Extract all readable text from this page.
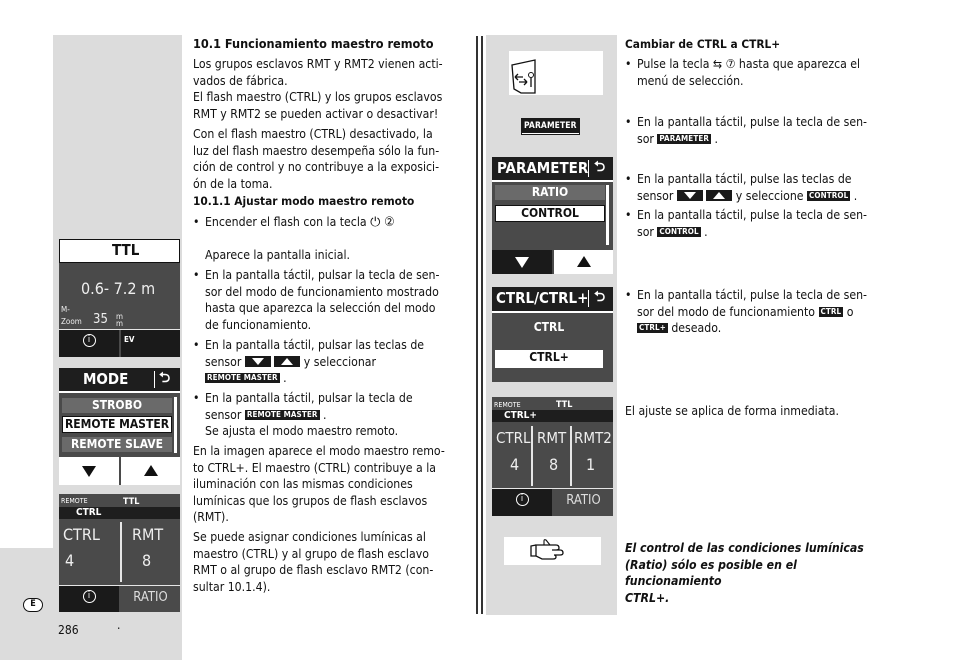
E
286	.
10.1 Funcionamiento maestro remoto
Los grupos esclavos RMT y RMT2 vienen acti-
vados de fábrica.
El flash maestro (CTRL) y los grupos esclavos
RMT y RMT2 se pueden activar o desactivar!
Con el flash maestro (CTRL) desactivado, la
luz del flash maestro desempeña sólo la fun-
ción de control y no contribuye a la exposici-
ón de la toma.
10.1.1 Ajustar modo maestro remoto
• Encender el flash con la tecla ⏻ ②
Aparece la pantalla inicial.
• En la pantalla táctil, pulsar la tecla de sen-
sor del modo de funcionamiento mostrado
hasta que aparezca la selección del modo
de funcionamiento.
• En la pantalla táctil, pulsar las teclas de
sensor	y seleccionar
REMOTE MASTER .
• En la pantalla táctil, pulsar la tecla de
sensor REMOTE MASTER .
Se ajusta el modo maestro remoto.
En la imagen aparece el modo maestro remo-
to CTRL+. El maestro (CTRL) contribuye a la
iluminación con las mismas condiciones
lumínicas que los grupos de flash esclavos
(RMT).
Se puede asignar condiciones lumínicas al
maestro (CTRL) y al grupo de flash esclavo
RMT o al grupo de flash esclavo RMT2 (con-
sultar 10.1.4).
TTL
0.6- 7.2 m
M-
Zoom 35 m
m
i	EV
MODE ⮌
STROBO
REMOTE MASTER
REMOTE SLAVE
REMOTE	TTL
CTRL
CTRL
4
RMT
8
i	RATIO
PARAMETER
PARAMETER ⮌
RATIO
CONTROL
CTRL/CTRL+ ⮌
CTRL
CTRL+
REMOTE	TTL
CTRL+
CTRL
4
RMT
8
RMT2
1
i	RATIO
Cambiar de CTRL a CTRL+
• Pulse la tecla ⇆ ⑦ hasta que aparezca el
menú de selección.
• En la pantalla táctil, pulse la tecla de sen-
sor PARAMETER .
• En la pantalla táctil, pulse las teclas de
sensor	y seleccione CONTROL .
• En la pantalla táctil, pulse la tecla de sen-
sor CONTROL .
• En la pantalla táctil, pulse la tecla de sen-
sor del modo de funcionamiento CTRL o
CTRL+ deseado.
El ajuste se aplica de forma inmediata.
El control de las condiciones lumínicas
(Ratio) sólo es posible en el funcionamiento
CTRL+.
